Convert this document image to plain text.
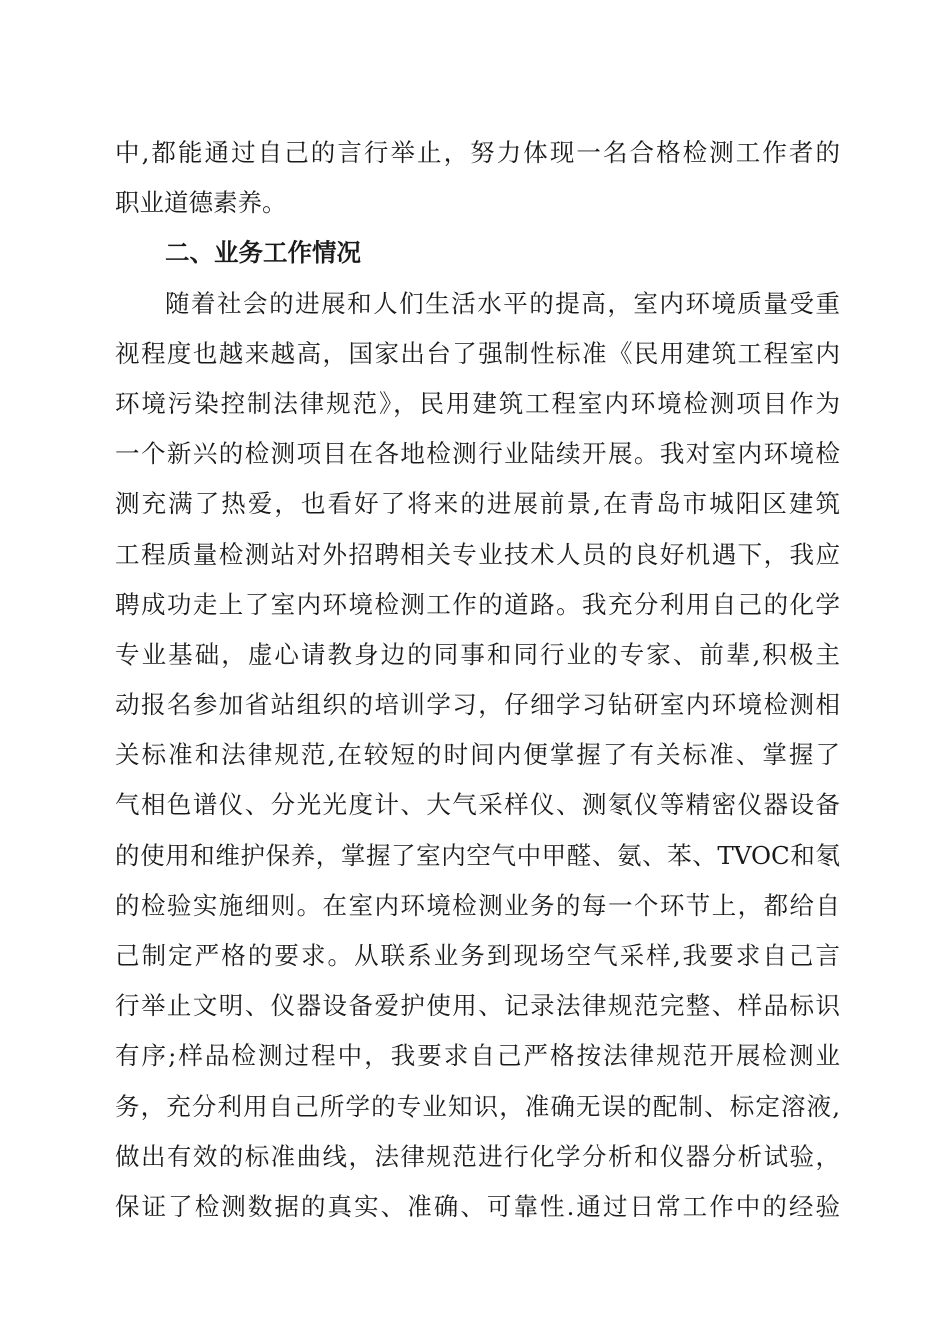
中,都能通过自己的言行举止，努力体现一名合格检测工作者的
职业道德素养。
二、业务工作情况
随着社会的进展和人们生活水平的提高，室内环境质量受重
视程度也越来越高，国家出台了强制性标准《民用建筑工程室内
环境污染控制法律规范》，民用建筑工程室内环境检测项目作为
一个新兴的检测项目在各地检测行业陆续开展。我对室内环境检
测充满了热爱，也看好了将来的进展前景,在青岛市城阳区建筑
工程质量检测站对外招聘相关专业技术人员的良好机遇下，我应
聘成功走上了室内环境检测工作的道路。我充分利用自己的化学
专业基础，虚心请教身边的同事和同行业的专家、前辈,积极主
动报名参加省站组织的培训学习，仔细学习钻研室内环境检测相
关标准和法律规范,在较短的时间内便掌握了有关标准、掌握了
气相色谱仪、分光光度计、大气采样仪、测氡仪等精密仪器设备
的使用和维护保养，掌握了室内空气中甲醛、氨、苯、TVOC和氡
的检验实施细则。在室内环境检测业务的每一个环节上，都给自
己制定严格的要求。从联系业务到现场空气采样,我要求自己言
行举止文明、仪器设备爱护使用、记录法律规范完整、样品标识
有序;样品检测过程中，我要求自己严格按法律规范开展检测业
务，充分利用自己所学的专业知识，准确无误的配制、标定溶液,
做出有效的标准曲线，法律规范进行化学分析和仪器分析试验，
保证了检测数据的真实、准确、可靠性.通过日常工作中的经验
